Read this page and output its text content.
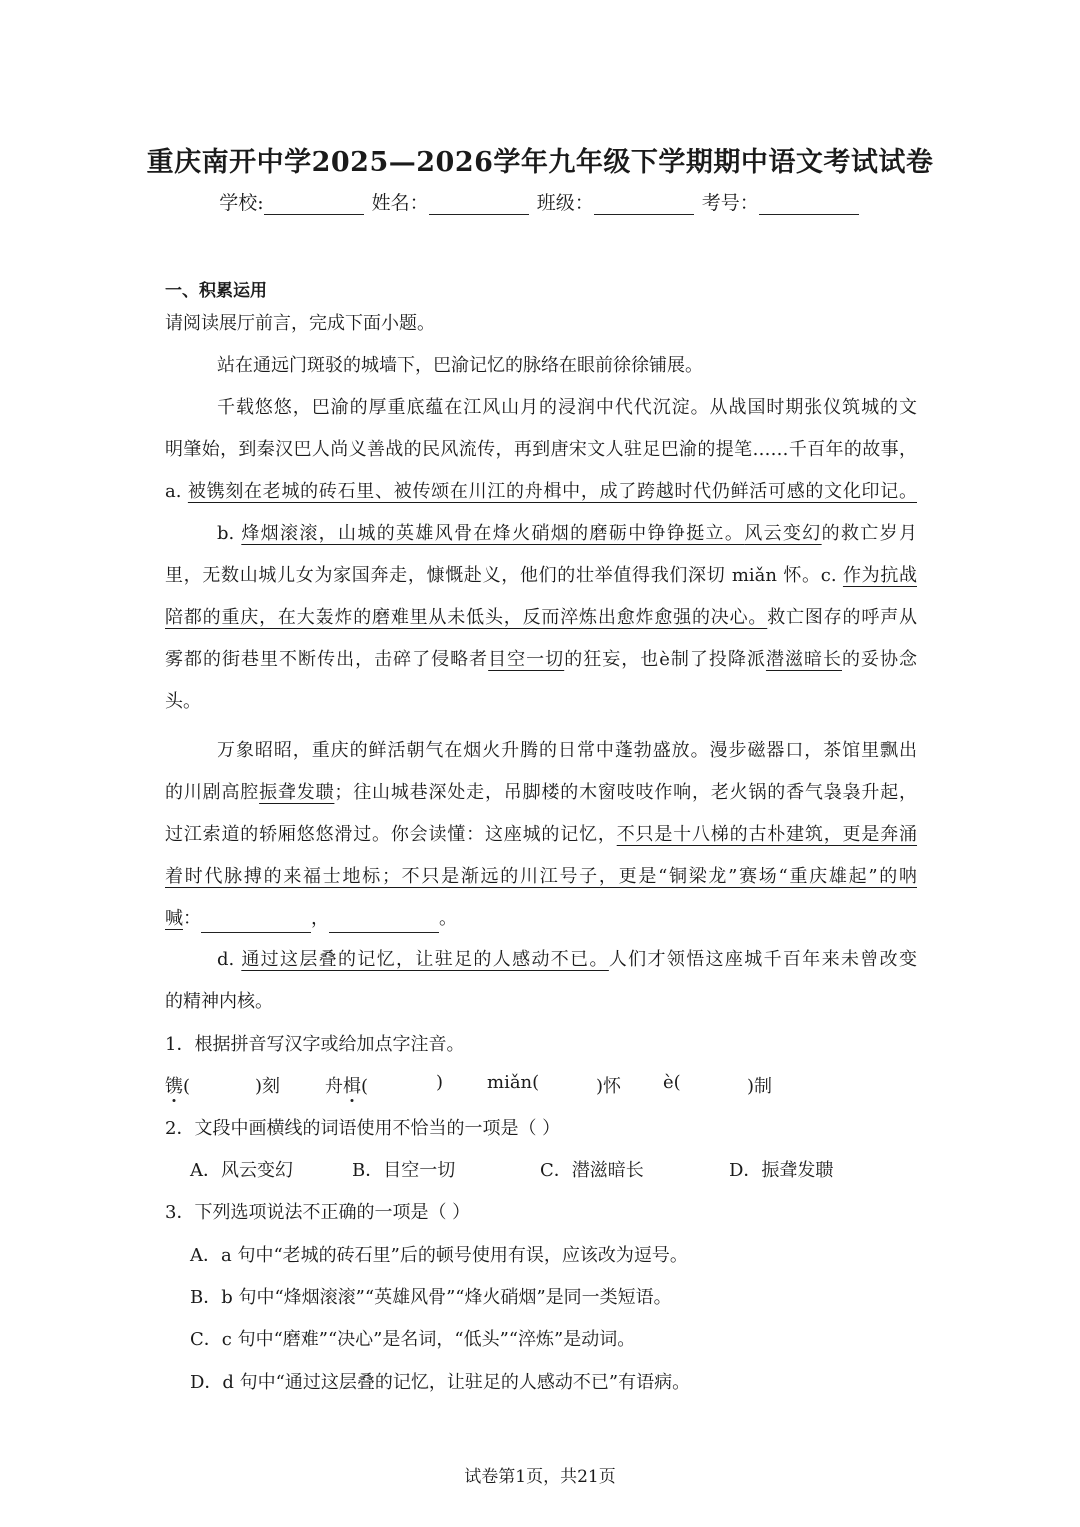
重庆南开中学2025—2026学年九年级下学期期中语文考试试卷
学校:	姓名：	班级：	考号：
一、积累运用
请阅读展厅前言，完成下面小题。
站在通远门斑驳的城墙下，巴渝记忆的脉络在眼前徐徐铺展。
千载悠悠，巴渝的厚重底蕴在江风山月的浸润中代代沉淀。从战国时期张仪筑城的文
明肇始，到秦汉巴人尚义善战的民风流传，再到唐宋文人驻足巴渝的提笔……千百年的故事，
a. 被镌刻在老城的砖石里、被传颂在川江的舟楫中，成了跨越时代仍鲜活可感的文化印记。
b. 烽烟滚滚，山城的英雄风骨在烽火硝烟的磨砺中铮铮挺立。风云变幻的救亡岁月
里，无数山城儿女为家国奔走，慷慨赴义，他们的壮举值得我们深切 miǎn 怀。c. 作为抗战
陪都的重庆，在大轰炸的磨难里从未低头，反而淬炼出愈炸愈强的决心。救亡图存的呼声从
雾都的街巷里不断传出，击碎了侵略者目空一切的狂妄，也è制了投降派潜滋暗长的妥协念
头。
万象昭昭，重庆的鲜活朝气在烟火升腾的日常中蓬勃盛放。漫步磁器口，茶馆里飘出
的川剧高腔振聋发聩；往山城巷深处走，吊脚楼的木窗吱吱作响，老火锅的香气袅袅升起，
过江索道的轿厢悠悠滑过。你会读懂：这座城的记忆，不只是十八梯的古朴建筑，更是奔涌
着时代脉搏的来福士地标；不只是渐远的川江号子，更是“铜梁龙”赛场“重庆雄起”的呐
喊：	，	。
d. 通过这层叠的记忆，让驻足的人感动不已。人们才领悟这座城千百年来未曾改变
的精神内核。
1．根据拼音写汉字或给加点字注音。
镌(	)刻 舟楫(	) miǎn(	)怀 è(	)制
2．文段中画横线的词语使用不恰当的一项是（ ）
A．风云变幻	B．目空一切	C．潜滋暗长	D．振聋发聩
3．下列选项说法不正确的一项是（ ）
A．a 句中“老城的砖石里”后的顿号使用有误，应该改为逗号。
B．b 句中“烽烟滚滚”“英雄风骨”“烽火硝烟”是同一类短语。
C．c 句中“磨难”“决心”是名词，“低头”“淬炼”是动词。
D．d 句中“通过这层叠的记忆，让驻足的人感动不已”有语病。
试卷第1页，共21页
